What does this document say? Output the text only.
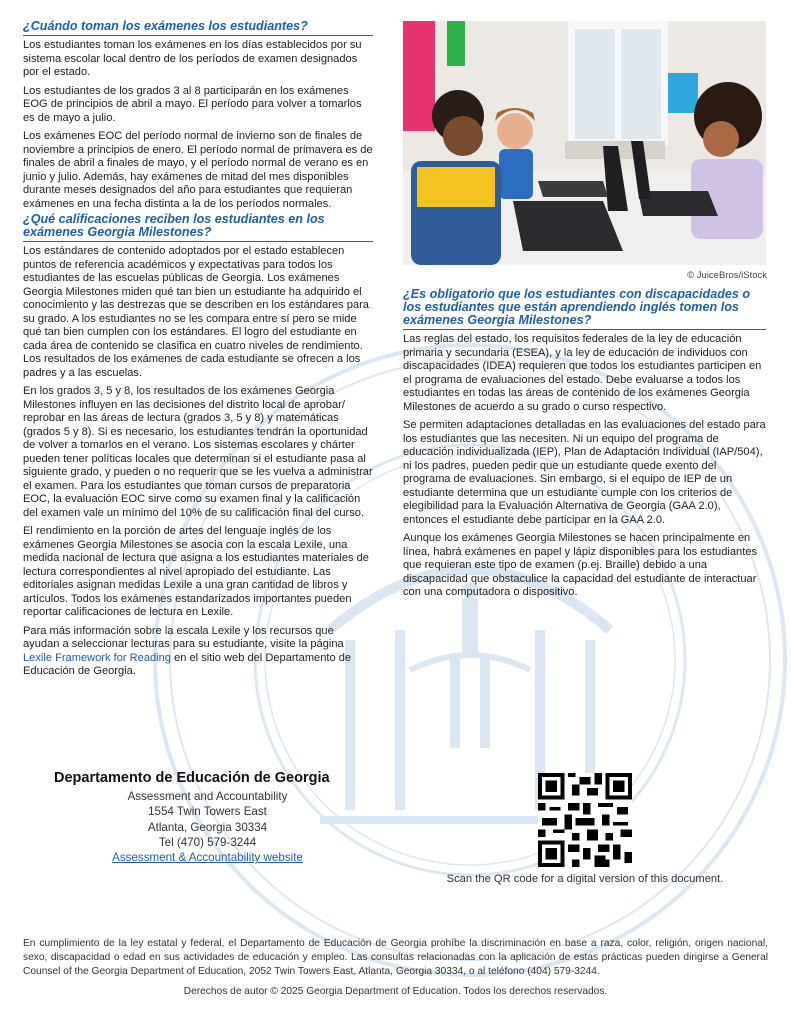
¿Cuándo toman los exámenes los estudiantes?

Los estudiantes toman los exámenes en los días establecidos por su sistema escolar local dentro de los períodos de examen designados por el estado.

Los estudiantes de los grados 3 al 8 participarán en los exámenes EOG de principios de abril a mayo. El período para volver a tomarlos es de mayo a julio.

Los exámenes EOC del período normal de invierno son de finales de noviembre a principios de enero. El período normal de primavera es de finales de abril a finales de mayo, y el período normal de verano es en junio y julio. Además, hay exámenes de mitad del mes disponibles durante meses designados del año para estudiantes que requieran exámenes en una fecha distinta a la de los períodos normales.

¿Qué calificaciones reciben los estudiantes en los exámenes Georgia Milestones?

Los estándares de contenido adoptados por el estado establecen puntos de referencia académicos y expectativas para todos los estudiantes de las escuelas públicas de Georgia. Los exámenes Georgia Milestones miden qué tan bien un estudiante ha adquirido el conocimiento y las destrezas que se describen en los estándares para su grado. A los estudiantes no se les compara entre sí pero se mide qué tan bien cumplen con los estándares. El logro del estudiante en cada área de contenido se clasifica en cuatro niveles de rendimiento. Los resultados de los exámenes de cada estudiante se ofrecen a los padres y a las escuelas.

En los grados 3, 5 y 8, los resultados de los exámenes Georgia Milestones influyen en las decisiones del distrito local de aprobar/ reprobar en las áreas de lectura (grados 3, 5 y 8) y matemáticas (grados 5 y 8). Si es necesario, los estudiantes tendrán la oportunidad de volver a tomarlos en el verano. Los sistemas escolares y chárter pueden tener políticas locales que determinan si el estudiante pasa al siguiente grado, y pueden o no requerir que se les vuelva a administrar el examen. Para los estudiantes que toman cursos de preparatoria EOC, la evaluación EOC sirve como su examen final y la calificación del examen vale un mínimo del 10% de su calificación final del curso.

El rendimiento en la porción de artes del lenguaje inglés de los exámenes Georgia Milestones se asocia con la escala Lexile, una medida nacional de lectura que asigna a los estudiantes materiales de lectura correspondientes al nivel apropiado del estudiante. Las editoriales asignan medidas Lexile a una gran cantidad de libros y artículos. Todos los exámenes estandarizados importantes pueden reportar calificaciones de lectura en Lexile.

Para más información sobre la escala Lexile y los recursos que ayudan a seleccionar lecturas para su estudiante, visite la página Lexile Framework for Reading en el sitio web del Departamento de Educación de Georgia.

© JuiceBros/iStock
¿Es obligatorio que los estudiantes con discapacidades o los estudiantes que están aprendiendo inglés tomen los exámenes Georgia Milestones?

Las reglas del estado, los requisitos federales de la ley de educación primaria y secundaria (ESEA), y la ley de educación de individuos con discapacidades (IDEA) requieren que todos los estudiantes participen en el programa de evaluaciones del estado. Debe evaluarse a todos los estudiantes en todas las áreas de contenido de los exámenes Georgia Milestones de acuerdo a su grado o curso respectivo.

Se permiten adaptaciones detalladas en las evaluaciones del estado para los estudiantes que las necesiten. Ni un equipo del programa de educación individualizada (IEP), Plan de Adaptación Individual (IAP/504), ni los padres, pueden pedir que un estudiante quede exento del programa de evaluaciones. Sin embargo, si el equipo de IEP de un estudiante determina que un estudiante cumple con los criterios de elegibilidad para la Evaluación Alternativa de Georgia (GAA 2.0), entonces el estudiante debe participar en la GAA 2.0.

Aunque los exámenes Georgia Milestones se hacen principalmente en línea, habrá exámenes en papel y lápiz disponibles para los estudiantes que requieran este tipo de examen (p.ej. Braille) debido a una discapacidad que obstaculice la capacidad del estudiante de interactuar con una computadora o dispositivo.

Departamento de Educación de Georgia
Assessment and Accountability
1554 Twin Towers East
Atlanta, Georgia 30334
Tel (470) 579-3244
Assessment & Accountability website
Scan the QR code for a digital version of this document.
En cumplimiento de la ley estatal y federal, el Departamento de Educación de Georgia prohíbe la discriminación en base a raza, color, religión, origen nacional, sexo, discapacidad o edad en sus actividades de educación y empleo. Las consultas relacionadas con la aplicación de estas prácticas pueden dirigirse a General Counsel of the Georgia Department of Education, 2052 Twin Towers East, Atlanta, Georgia 30334, o al teléfono (404) 579-3244.
Derechos de autor © 2025 Georgia Department of Education. Todos los derechos reservados.
